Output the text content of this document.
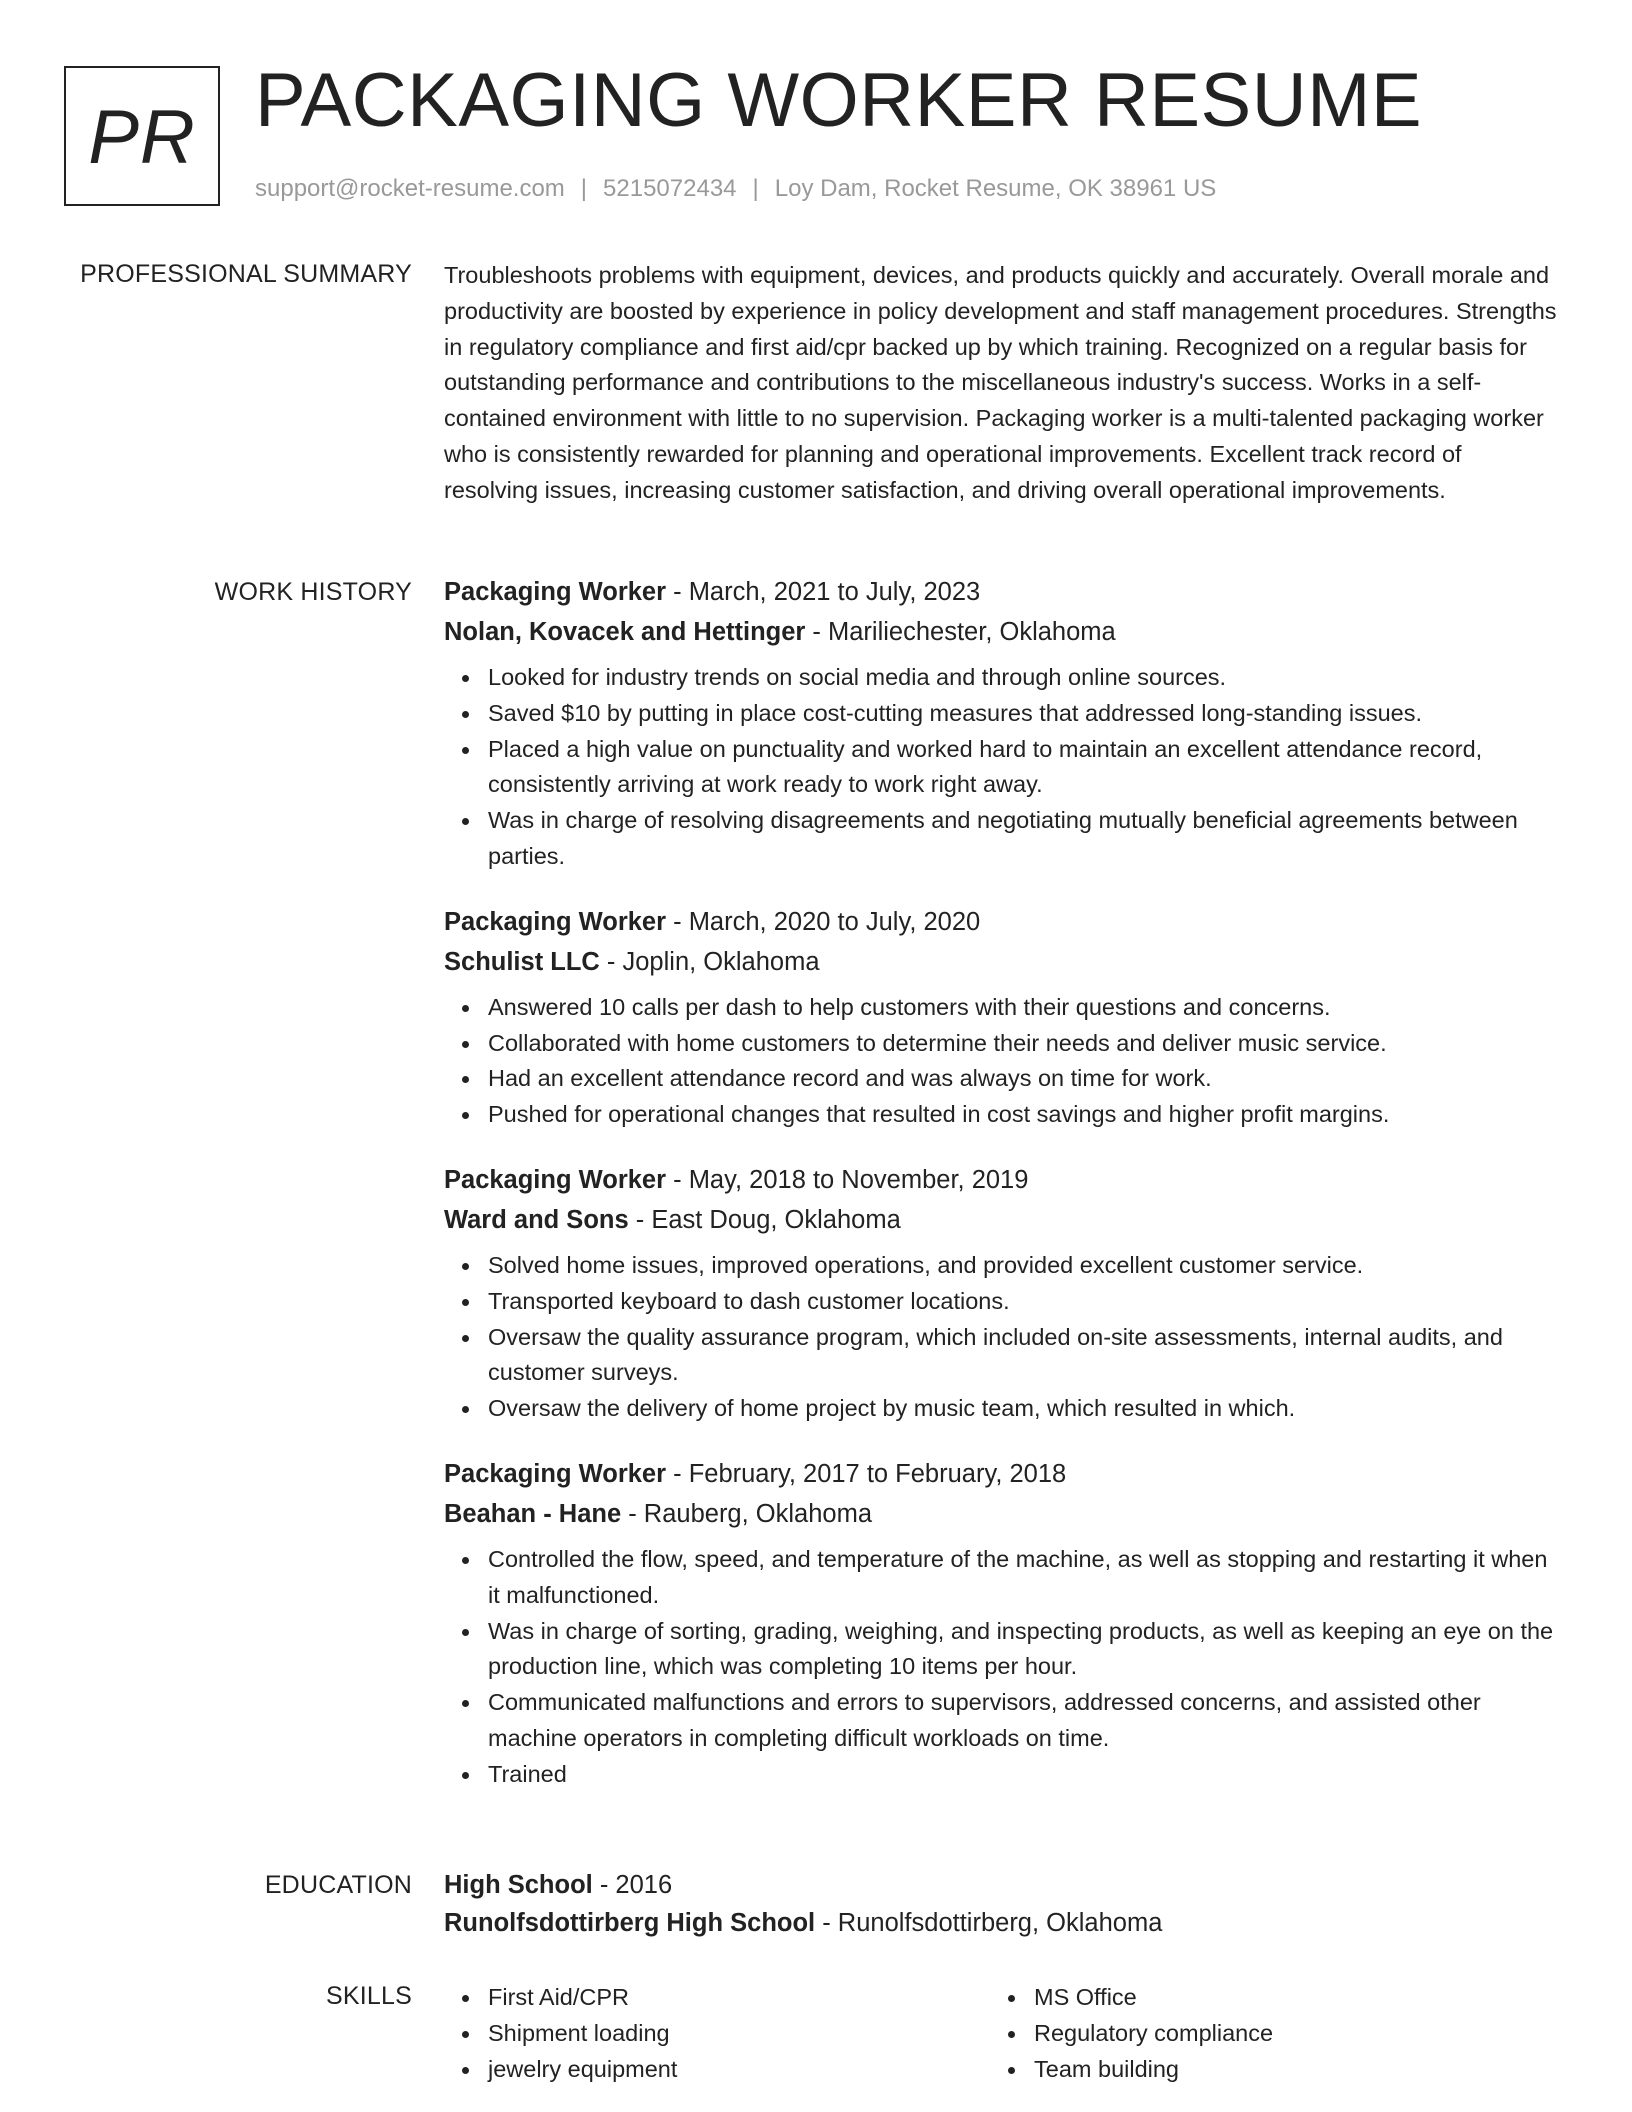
PR PACKAGING WORKER RESUME
support@rocket-resume.com | 5215072434 | Loy Dam, Rocket Resume, OK 38961 US
PROFESSIONAL SUMMARY Troubleshoots problems with equipment, devices, and products quickly and accurately. Overall morale and productivity are boosted by experience in policy development and staff management procedures. Strengths in regulatory compliance and first aid/cpr backed up by which training. Recognized on a regular basis for outstanding performance and contributions to the miscellaneous industry's success. Works in a self-contained environment with little to no supervision. Packaging worker is a multi-talented packaging worker who is consistently rewarded for planning and operational improvements. Excellent track record of resolving issues, increasing customer satisfaction, and driving overall operational improvements.

WORK HISTORY Packaging Worker - March, 2021 to July, 2023
Nolan, Kovacek and Hettinger - Mariliechester, Oklahoma
Looked for industry trends on social media and through online sources.
Saved $10 by putting in place cost-cutting measures that addressed long-standing issues.
Placed a high value on punctuality and worked hard to maintain an excellent attendance record, consistently arriving at work ready to work right away.
Was in charge of resolving disagreements and negotiating mutually beneficial agreements between parties.
Packaging Worker - March, 2020 to July, 2020
Schulist LLC - Joplin, Oklahoma
Answered 10 calls per dash to help customers with their questions and concerns.
Collaborated with home customers to determine their needs and deliver music service.
Had an excellent attendance record and was always on time for work.
Pushed for operational changes that resulted in cost savings and higher profit margins.
Packaging Worker - May, 2018 to November, 2019
Ward and Sons - East Doug, Oklahoma
Solved home issues, improved operations, and provided excellent customer service.
Transported keyboard to dash customer locations.
Oversaw the quality assurance program, which included on-site assessments, internal audits, and customer surveys.
Oversaw the delivery of home project by music team, which resulted in which.
Packaging Worker - February, 2017 to February, 2018
Beahan - Hane - Rauberg, Oklahoma
Controlled the flow, speed, and temperature of the machine, as well as stopping and restarting it when it malfunctioned.
Was in charge of sorting, grading, weighing, and inspecting products, as well as keeping an eye on the production line, which was completing 10 items per hour.
Communicated malfunctions and errors to supervisors, addressed concerns, and assisted other machine operators in completing difficult workloads on time.
Trained
EDUCATION High School - 2016
Runolfsdottirberg High School - Runolfsdottirberg, Oklahoma
SKILLS	First Aid/CPR
Shipment loading
jewelry equipment
MS Office
Regulatory compliance
Team building
